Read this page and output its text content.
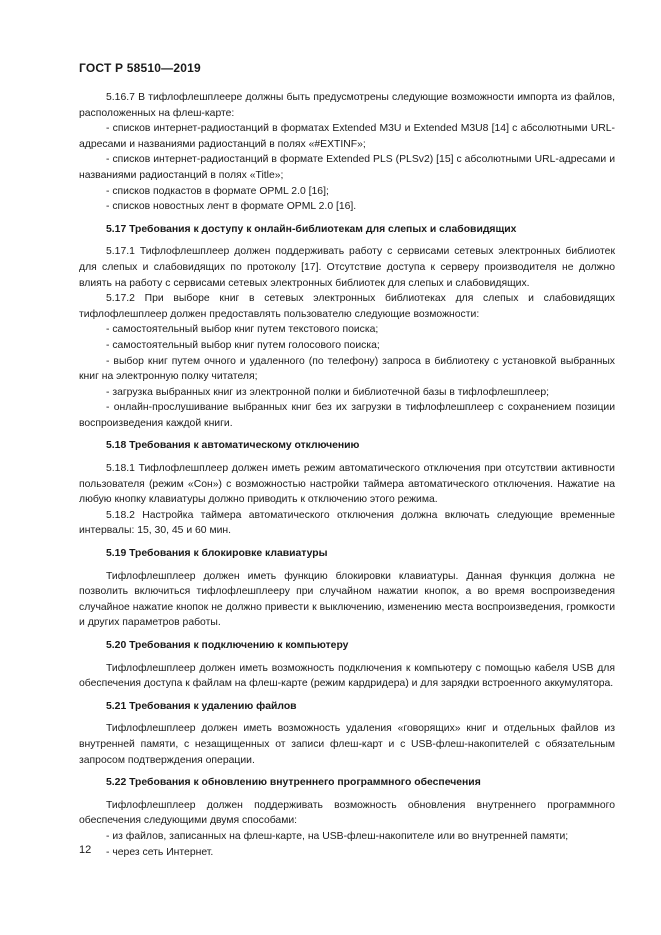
ГОСТ Р 58510—2019
5.16.7 В тифлофлешплеере должны быть предусмотрены следующие возможности импорта из файлов, расположенных на флеш-карте:
- списков интернет-радиостанций в форматах Extended M3U и Extended M3U8 [14] с абсолютными URL-адресами и названиями радиостанций в полях «#EXTINF»;
- списков интернет-радиостанций в формате Extended PLS (PLSv2) [15] с абсолютными URL-адресами и названиями радиостанций в полях «Title»;
- списков подкастов в формате OPML 2.0 [16];
- списков новостных лент в формате OPML 2.0 [16].
5.17 Требования к доступу к онлайн-библиотекам для слепых и слабовидящих
5.17.1 Тифлофлешплеер должен поддерживать работу с сервисами сетевых электронных библиотек для слепых и слабовидящих по протоколу [17]. Отсутствие доступа к серверу производителя не должно влиять на работу с сервисами сетевых электронных библиотек для слепых и слабовидящих.
5.17.2 При выборе книг в сетевых электронных библиотеках для слепых и слабовидящих тифлофлешплеер должен предоставлять пользователю следующие возможности:
- самостоятельный выбор книг путем текстового поиска;
- самостоятельный выбор книг путем голосового поиска;
- выбор книг путем очного и удаленного (по телефону) запроса в библиотеку с установкой выбранных книг на электронную полку читателя;
- загрузка выбранных книг из электронной полки и библиотечной базы в тифлофлешплеер;
- онлайн-прослушивание выбранных книг без их загрузки в тифлофлешплеер с сохранением позиции воспроизведения каждой книги.
5.18 Требования к автоматическому отключению
5.18.1 Тифлофлешплеер должен иметь режим автоматического отключения при отсутствии активности пользователя (режим «Сон») с возможностью настройки таймера автоматического отключения. Нажатие на любую кнопку клавиатуры должно приводить к отключению этого режима.
5.18.2 Настройка таймера автоматического отключения должна включать следующие временные интервалы: 15, 30, 45 и 60 мин.
5.19 Требования к блокировке клавиатуры
Тифлофлешплеер должен иметь функцию блокировки клавиатуры. Данная функция должна не позволить включиться тифлофлешплееру при случайном нажатии кнопок, а во время воспроизведения случайное нажатие кнопок не должно привести к выключению, изменению места воспроизведения, громкости и других параметров работы.
5.20 Требования к подключению к компьютеру
Тифлофлешплеер должен иметь возможность подключения к компьютеру с помощью кабеля USB для обеспечения доступа к файлам на флеш-карте (режим кардридера) и для зарядки встроенного аккумулятора.
5.21 Требования к удалению файлов
Тифлофлешплеер должен иметь возможность удаления «говорящих» книг и отдельных файлов из внутренней памяти, с незащищенных от записи флеш-карт и с USB-флеш-накопителей с обязательным запросом подтверждения операции.
5.22 Требования к обновлению внутреннего программного обеспечения
Тифлофлешплеер должен поддерживать возможность обновления внутреннего программного обеспечения следующими двумя способами:
- из файлов, записанных на флеш-карте, на USB-флеш-накопителе или во внутренней памяти;
- через сеть Интернет.
12
